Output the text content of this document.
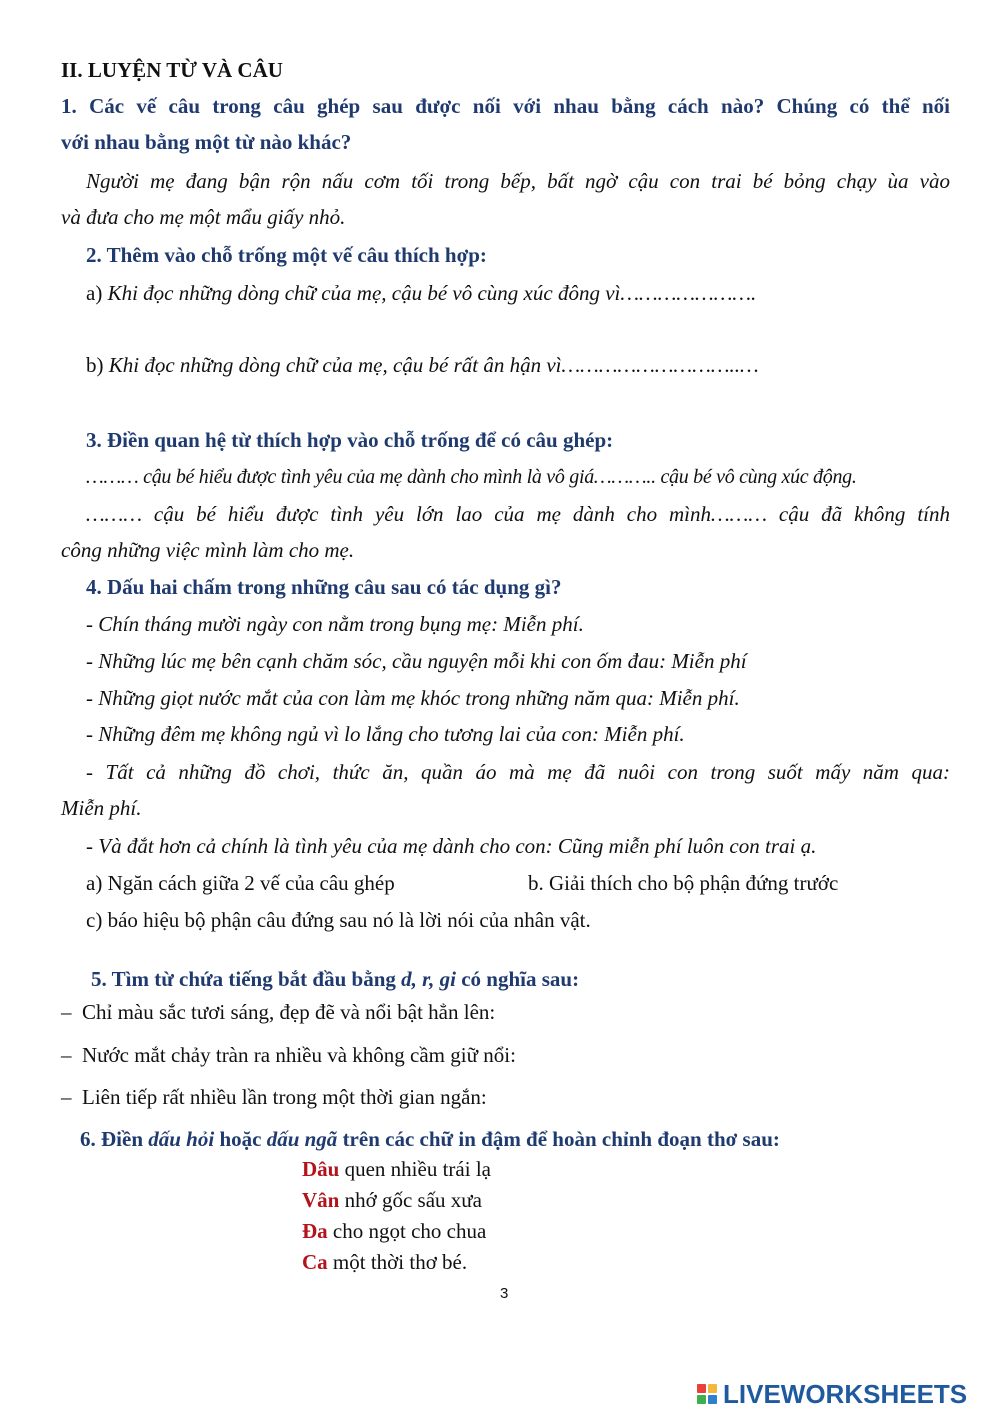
II. LUYỆN TỪ VÀ CÂU
1. Các vế câu trong câu ghép sau được nối với nhau bằng cách nào? Chúng có thể nối
với nhau bằng một từ nào khác?
Người mẹ đang bận rộn nấu cơm tối trong bếp, bất ngờ cậu con trai bé bỏng chạy ùa vào
và đưa cho mẹ một mẩu giấy nhỏ.
2. Thêm vào chỗ trống một vế câu thích hợp:
a) Khi đọc những dòng chữ của mẹ, cậu bé vô cùng xúc đông vì………………….
b) Khi đọc những dòng chữ của mẹ, cậu bé rất ân hận vì………………………..…
3. Điền quan hệ từ thích hợp vào chỗ trống để có câu ghép:
……… cậu bé hiểu được tình yêu của mẹ dành cho mình là vô giá……….. cậu bé vô cùng xúc động.
……… cậu bé hiểu được tình yêu lớn lao của mẹ dành cho mình……… cậu đã không tính
công những việc mình làm cho mẹ.
4. Dấu hai chấm trong những câu sau có tác dụng gì?
- Chín tháng mười ngày con nằm trong bụng mẹ: Miễn phí.
- Những lúc mẹ bên cạnh chăm sóc, cầu nguyện mỗi khi con ốm đau: Miễn phí
- Những giọt nước mắt của con làm mẹ khóc trong những năm qua: Miễn phí.
- Những đêm mẹ không ngủ vì lo lắng cho tương lai của con: Miễn phí.
- Tất cả những đồ chơi, thức ăn, quần áo mà mẹ đã nuôi con trong suốt mấy năm qua:
Miễn phí.
- Và đắt hơn cả chính là tình yêu của mẹ dành cho con: Cũng miễn phí luôn con trai ạ.
a) Ngăn cách giữa 2 vế của câu ghép	b. Giải thích cho bộ phận đứng trước
c) báo hiệu bộ phận câu đứng sau nó là lời nói của nhân vật.
5. Tìm từ chứa tiếng bắt đầu bằng d, r, gi có nghĩa sau:
– Chỉ màu sắc tươi sáng, đẹp đẽ và nổi bật hẳn lên:
– Nước mắt chảy tràn ra nhiều và không cầm giữ nổi:
– Liên tiếp rất nhiều lần trong một thời gian ngắn:
6. Điền dấu hỏi hoặc dấu ngã trên các chữ in đậm để hoàn chỉnh đoạn thơ sau:
Dâu quen nhiều trái lạ
Vân nhớ gốc sấu xưa
Đa cho ngọt cho chua
Ca một thời thơ bé.
3
LIVEWORKSHEETS
